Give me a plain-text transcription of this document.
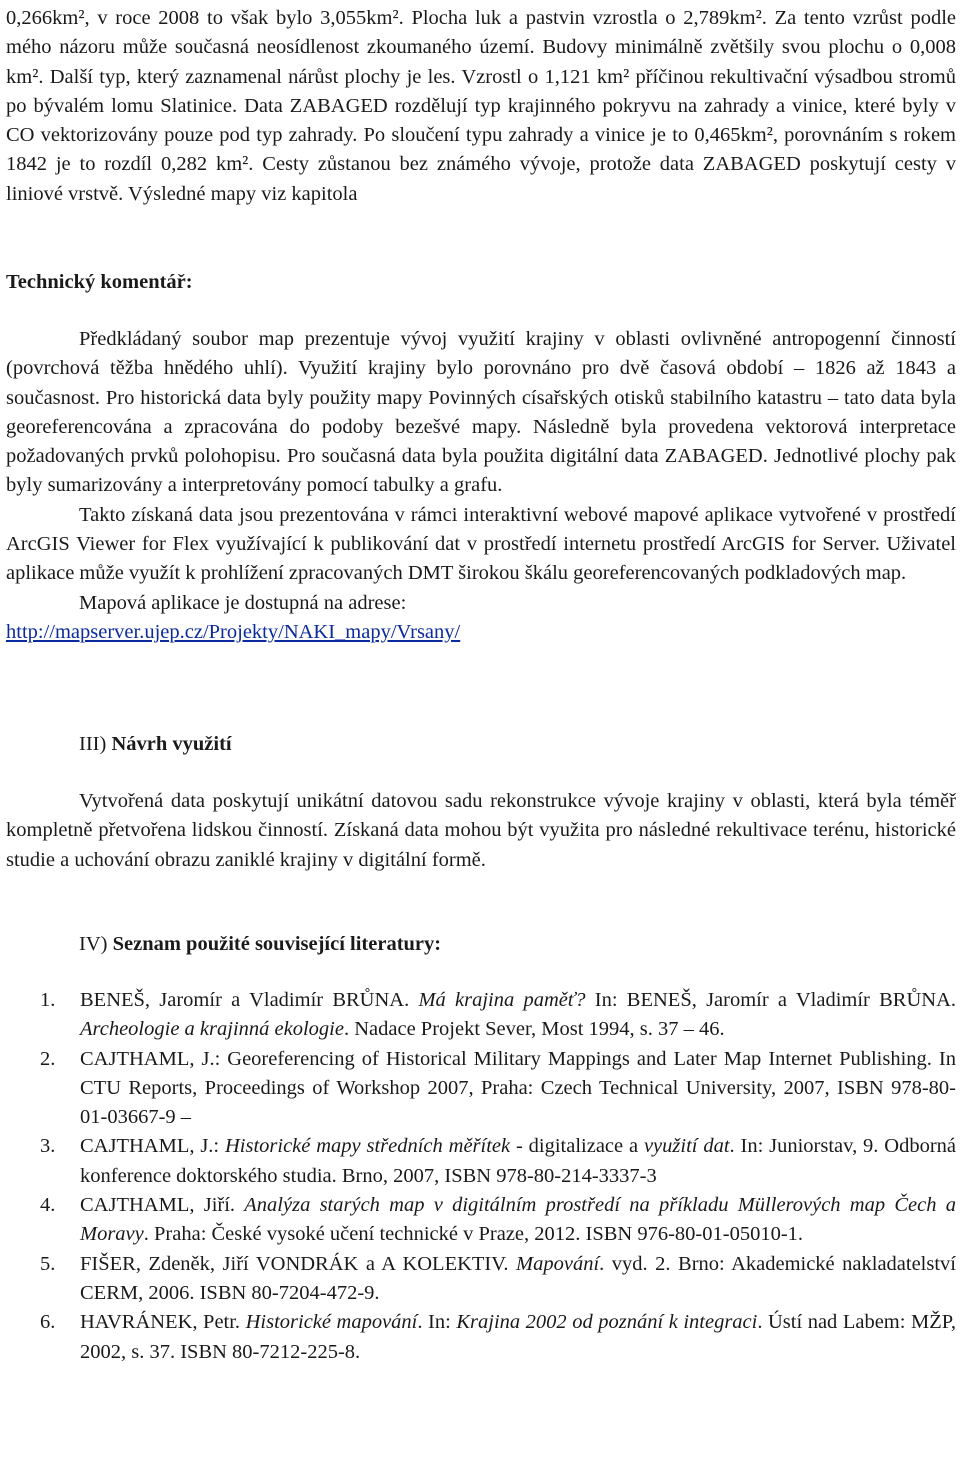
0,266km², v roce 2008 to však bylo 3,055km². Plocha luk a pastvin vzrostla o 2,789km². Za tento vzrůst podle mého názoru může současná neosídlenost zkoumaného území. Budovy minimálně zvětšily svou plochu o 0,008 km². Další typ, který zaznamenal nárůst plochy je les. Vzrostl o 1,121 km² příčinou rekultivační výsadbou stromů po bývalém lomu Slatinice. Data ZABAGED rozdělují typ krajinného pokryvu na zahrady a vinice, které byly v CO vektorizovány pouze pod typ zahrady. Po sloučení typu zahrady a vinice je to 0,465km², porovnáním s rokem 1842 je to rozdíl 0,282 km². Cesty zůstanou bez známého vývoje, protože data ZABAGED poskytují cesty v liniové vrstvě. Výsledné mapy viz kapitola

Technický komentář:

Předkládaný soubor map prezentuje vývoj využití krajiny v oblasti ovlivněné antropogenní činností (povrchová těžba hnědého uhlí). Využití krajiny bylo porovnáno pro dvě časová období – 1826 až 1843 a současnost. Pro historická data byly použity mapy Povinných císařských otisků stabilního katastru – tato data byla georeferencována a zpracována do podoby bezešvé mapy. Následně byla provedena vektorová interpretace požadovaných prvků polohopisu. Pro současná data byla použita digitální data ZABAGED. Jednotlivé plochy pak byly sumarizovány a interpretovány pomocí tabulky a grafu.

Takto získaná data jsou prezentována v rámci interaktivní webové mapové aplikace vytvořené v prostředí ArcGIS Viewer for Flex využívající k publikování dat v prostředí internetu prostředí ArcGIS for Server. Uživatel aplikace může využít k prohlížení zpracovaných DMT širokou škálu georeferencovaných podkladových map.

Mapová aplikace je dostupná na adrese:

http://mapserver.ujep.cz/Projekty/NAKI_mapy/Vrsany/

III) Návrh využití

Vytvořená data poskytují unikátní datovou sadu rekonstrukce vývoje krajiny v oblasti, která byla téměř kompletně přetvořena lidskou činností. Získaná data mohou být využita pro následné rekultivace terénu, historické studie a uchování obrazu zaniklé krajiny v digitální formě.

IV) Seznam použité související literatury:
1.	BENEŠ, Jaromír a Vladimír BRŮNA. Má krajina paměť? In: BENEŠ, Jaromír a Vladimír BRŮNA. Archeologie a krajinná ekologie. Nadace Projekt Sever, Most 1994, s. 37 – 46.
2.	CAJTHAML, J.: Georeferencing of Historical Military Mappings and Later Map Internet Publishing. In CTU Reports, Proceedings of Workshop 2007, Praha: Czech Technical University, 2007, ISBN 978-80-01-03667-9 –
3.	CAJTHAML, J.: Historické mapy středních měřítek - digitalizace a využití dat. In: Juniorstav, 9. Odborná konference doktorského studia. Brno, 2007, ISBN 978-80-214-3337-3
4.	CAJTHAML, Jiří. Analýza starých map v digitálním prostředí na příkladu Müllerových map Čech a Moravy. Praha: České vysoké učení technické v Praze, 2012. ISBN 976-80-01-05010-1.
5.	FIŠER, Zdeněk, Jiří VONDRÁK a A KOLEKTIV. Mapování. vyd. 2. Brno: Akademické nakladatelství CERM, 2006. ISBN 80-7204-472-9.
6.	HAVRÁNEK, Petr. Historické mapování. In: Krajina 2002 od poznání k integraci. Ústí nad Labem: MŽP, 2002, s. 37. ISBN 80-7212-225-8.
